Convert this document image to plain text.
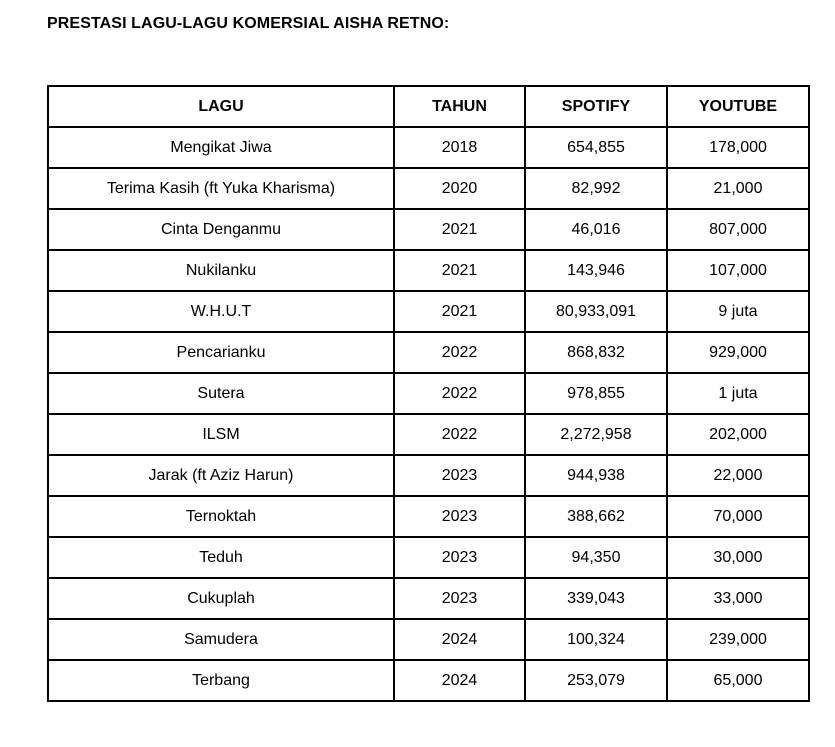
PRESTASI LAGU-LAGU KOMERSIAL AISHA RETNO:
LAGU	TAHUN	SPOTIFY	YOUTUBE
Mengikat Jiwa	2018	654,855	178,000
Terima Kasih (ft Yuka Kharisma)	2020	82,992	21,000
Cinta Denganmu	2021	46,016	807,000
Nukilanku	2021	143,946	107,000
W.H.U.T	2021	80,933,091	9 juta
Pencarianku	2022	868,832	929,000
Sutera	2022	978,855	1 juta
ILSM	2022	2,272,958	202,000
Jarak (ft Aziz Harun)	2023	944,938	22,000
Ternoktah	2023	388,662	70,000
Teduh	2023	94,350	30,000
Cukuplah	2023	339,043	33,000
Samudera	2024	100,324	239,000
Terbang	2024	253,079	65,000
